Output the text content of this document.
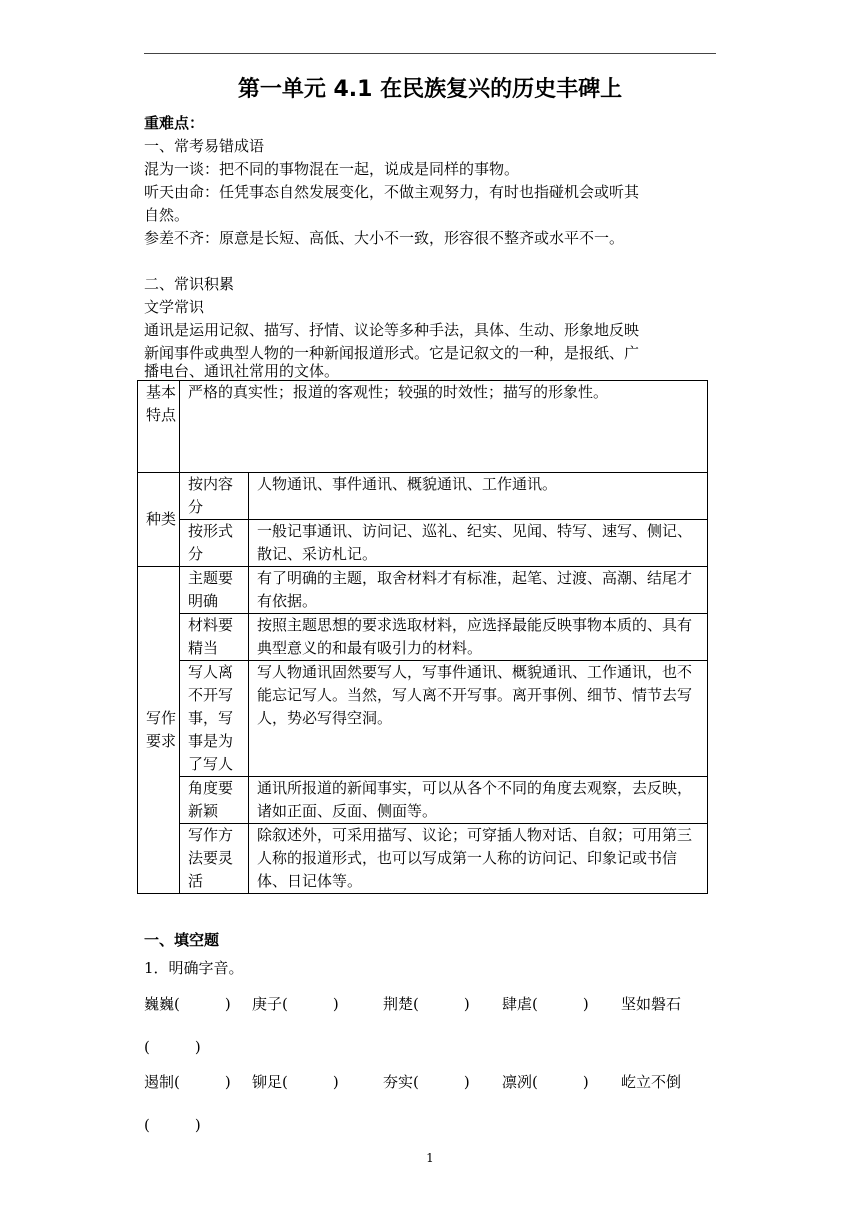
第一单元 4.1 在民族复兴的历史丰碑上
重难点：
一、常考易错成语
混为一谈：把不同的事物混在一起，说成是同样的事物。
听天由命：任凭事态自然发展变化，不做主观努力，有时也指碰机会或听其
自然。
参差不齐：原意是长短、高低、大小不一致，形容很不整齐或水平不一。
二、常识积累
文学常识
通讯是运用记叙、描写、抒情、议论等多种手法，具体、生动、形象地反映
新闻事件或典型人物的一种新闻报道形式。它是记叙文的一种，是报纸、广
播电台、通讯社常用的文体。
基本特点	严格的真实性；报道的客观性；较强的时效性；描写的形象性。	
种类	按内容分	人物通讯、事件通讯、概貌通讯、工作通讯。
	按形式分	一般记事通讯、访问记、巡礼、纪实、见闻、特写、速写、侧记、散记、采访札记。
写作要求	主题要明确	有了明确的主题，取舍材料才有标准，起笔、过渡、高潮、结尾才有依据。
	材料要精当	按照主题思想的要求选取材料，应选择最能反映事物本质的、具有典型意义的和最有吸引力的材料。
	写人离不开写事，写事是为了写人	写人物通讯固然要写人，写事件通讯、概貌通讯、工作通讯，也不能忘记写人。当然，写人离不开写事。离开事例、细节、情节去写人，势必写得空洞。
	角度要新颖	通讯所报道的新闻事实，可以从各个不同的角度去观察，去反映，诸如正面、反面、侧面等。
	写作方法要灵活	除叙述外，可采用描写、议论；可穿插人物对话、自叙；可用第三人称的报道形式，也可以写成第一人称的访问记、印象记或书信体、日记体等。
一、填空题
1．明确字音。
巍巍(　　　) 庚子(　　　)	荆楚(　　　) 肆虐(　　　) 坚如磐石
(　　　)
遏制(　　　) 铆足(　　　)	夯实(　　　) 凛冽(　　　) 屹立不倒
(　　　)
1
